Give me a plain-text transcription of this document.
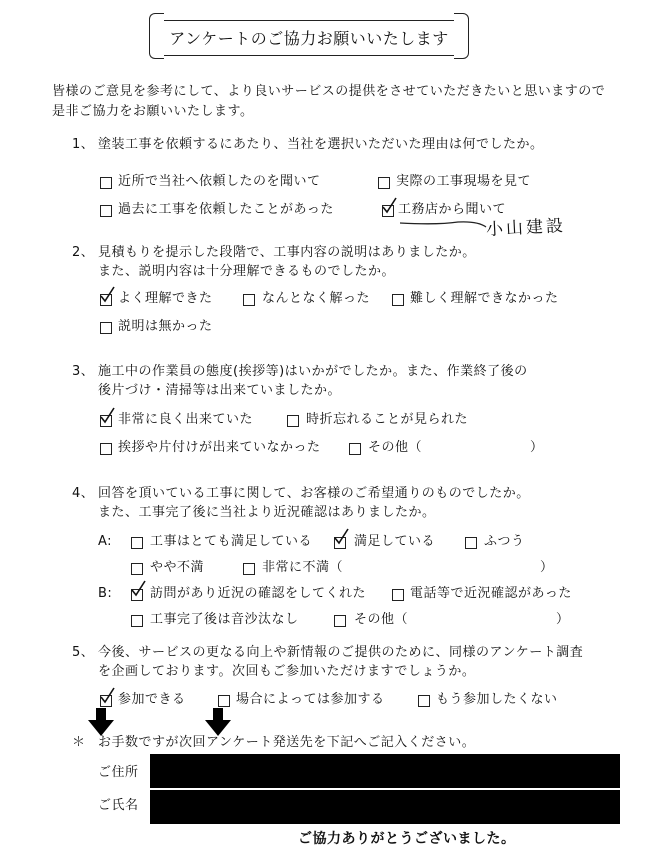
アンケートのご協力お願いいたします
皆様のご意見を参考にして、より良いサービスの提供をさせていただきたいと思いますので
是非ご協力をお願いいたします。
1、 塗装工事を依頼するにあたり、当社を選択いただいた理由は何でしたか。
近所で当社へ依頼したのを聞いて	実際の工事現場を見て
過去に工事を依頼したことがあった	工務店から聞いて
小山建設
2、 見積もりを提示した段階で、工事内容の説明はありましたか。
また、説明内容は十分理解できるものでしたか。
よく理解できた	なんとなく解った	難しく理解できなかった
説明は無かった
3、 施工中の作業員の態度(挨拶等)はいかがでしたか。また、作業終了後の
後片づけ・清掃等は出来ていましたか。
非常に良く出来ていた	時折忘れることが見られた
挨拶や片付けが出来ていなかった	その他（	）
4、 回答を頂いている工事に関して、お客様のご希望通りのものでしたか。
また、工事完了後に当社より近況確認はありましたか。
A:	工事はとても満足している	満足している	ふつう
やや不満	非常に不満（	）
B:	訪問があり近況の確認をしてくれた	電話等で近況確認があった
工事完了後は音沙汰なし	その他（	）
5、 今後、サービスの更なる向上や新情報のご提供のために、同様のアンケート調査
を企画しております。次回もご参加いただけますでしょうか。
参加できる	場合によっては参加する	もう参加したくない
＊ お手数ですが次回アンケート発送先を下記へご記入ください。
ご住所
ご氏名
ご協力ありがとうございました。
